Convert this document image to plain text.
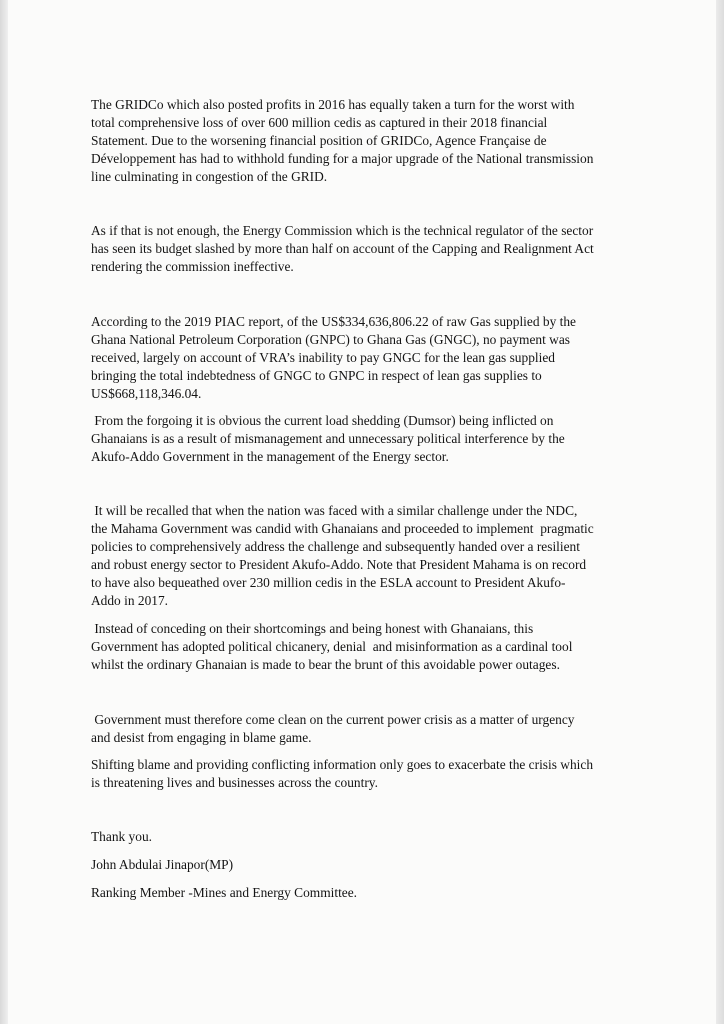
The GRIDCo which also posted profits in 2016 has equally taken a turn for the worst with
total comprehensive loss of over 600 million cedis as captured in their 2018 financial
Statement. Due to the worsening financial position of GRIDCo, Agence Française de
Développement has had to withhold funding for a major upgrade of the National transmission
line culminating in congestion of the GRID.

As if that is not enough, the Energy Commission which is the technical regulator of the sector
has seen its budget slashed by more than half on account of the Capping and Realignment Act
rendering the commission ineffective.

According to the 2019 PIAC report, of the US$334,636,806.22 of raw Gas supplied by the
Ghana National Petroleum Corporation (GNPC) to Ghana Gas (GNGC), no payment was
received, largely on account of VRA’s inability to pay GNGC for the lean gas supplied
bringing the total indebtedness of GNGC to GNPC in respect of lean gas supplies to
US$668,118,346.04.

From the forgoing it is obvious the current load shedding (Dumsor) being inflicted on
Ghanaians is as a result of mismanagement and unnecessary political interference by the
Akufo-Addo Government in the management of the Energy sector.

It will be recalled that when the nation was faced with a similar challenge under the NDC,
the Mahama Government was candid with Ghanaians and proceeded to implement  pragmatic
policies to comprehensively address the challenge and subsequently handed over a resilient
and robust energy sector to President Akufo-Addo. Note that President Mahama is on record
to have also bequeathed over 230 million cedis in the ESLA account to President Akufo-
Addo in 2017.

Instead of conceding on their shortcomings and being honest with Ghanaians, this
Government has adopted political chicanery, denial  and misinformation as a cardinal tool
whilst the ordinary Ghanaian is made to bear the brunt of this avoidable power outages.

Government must therefore come clean on the current power crisis as a matter of urgency
and desist from engaging in blame game.

Shifting blame and providing conflicting information only goes to exacerbate the crisis which
is threatening lives and businesses across the country.

Thank you.

John Abdulai Jinapor(MP)

Ranking Member -Mines and Energy Committee.
